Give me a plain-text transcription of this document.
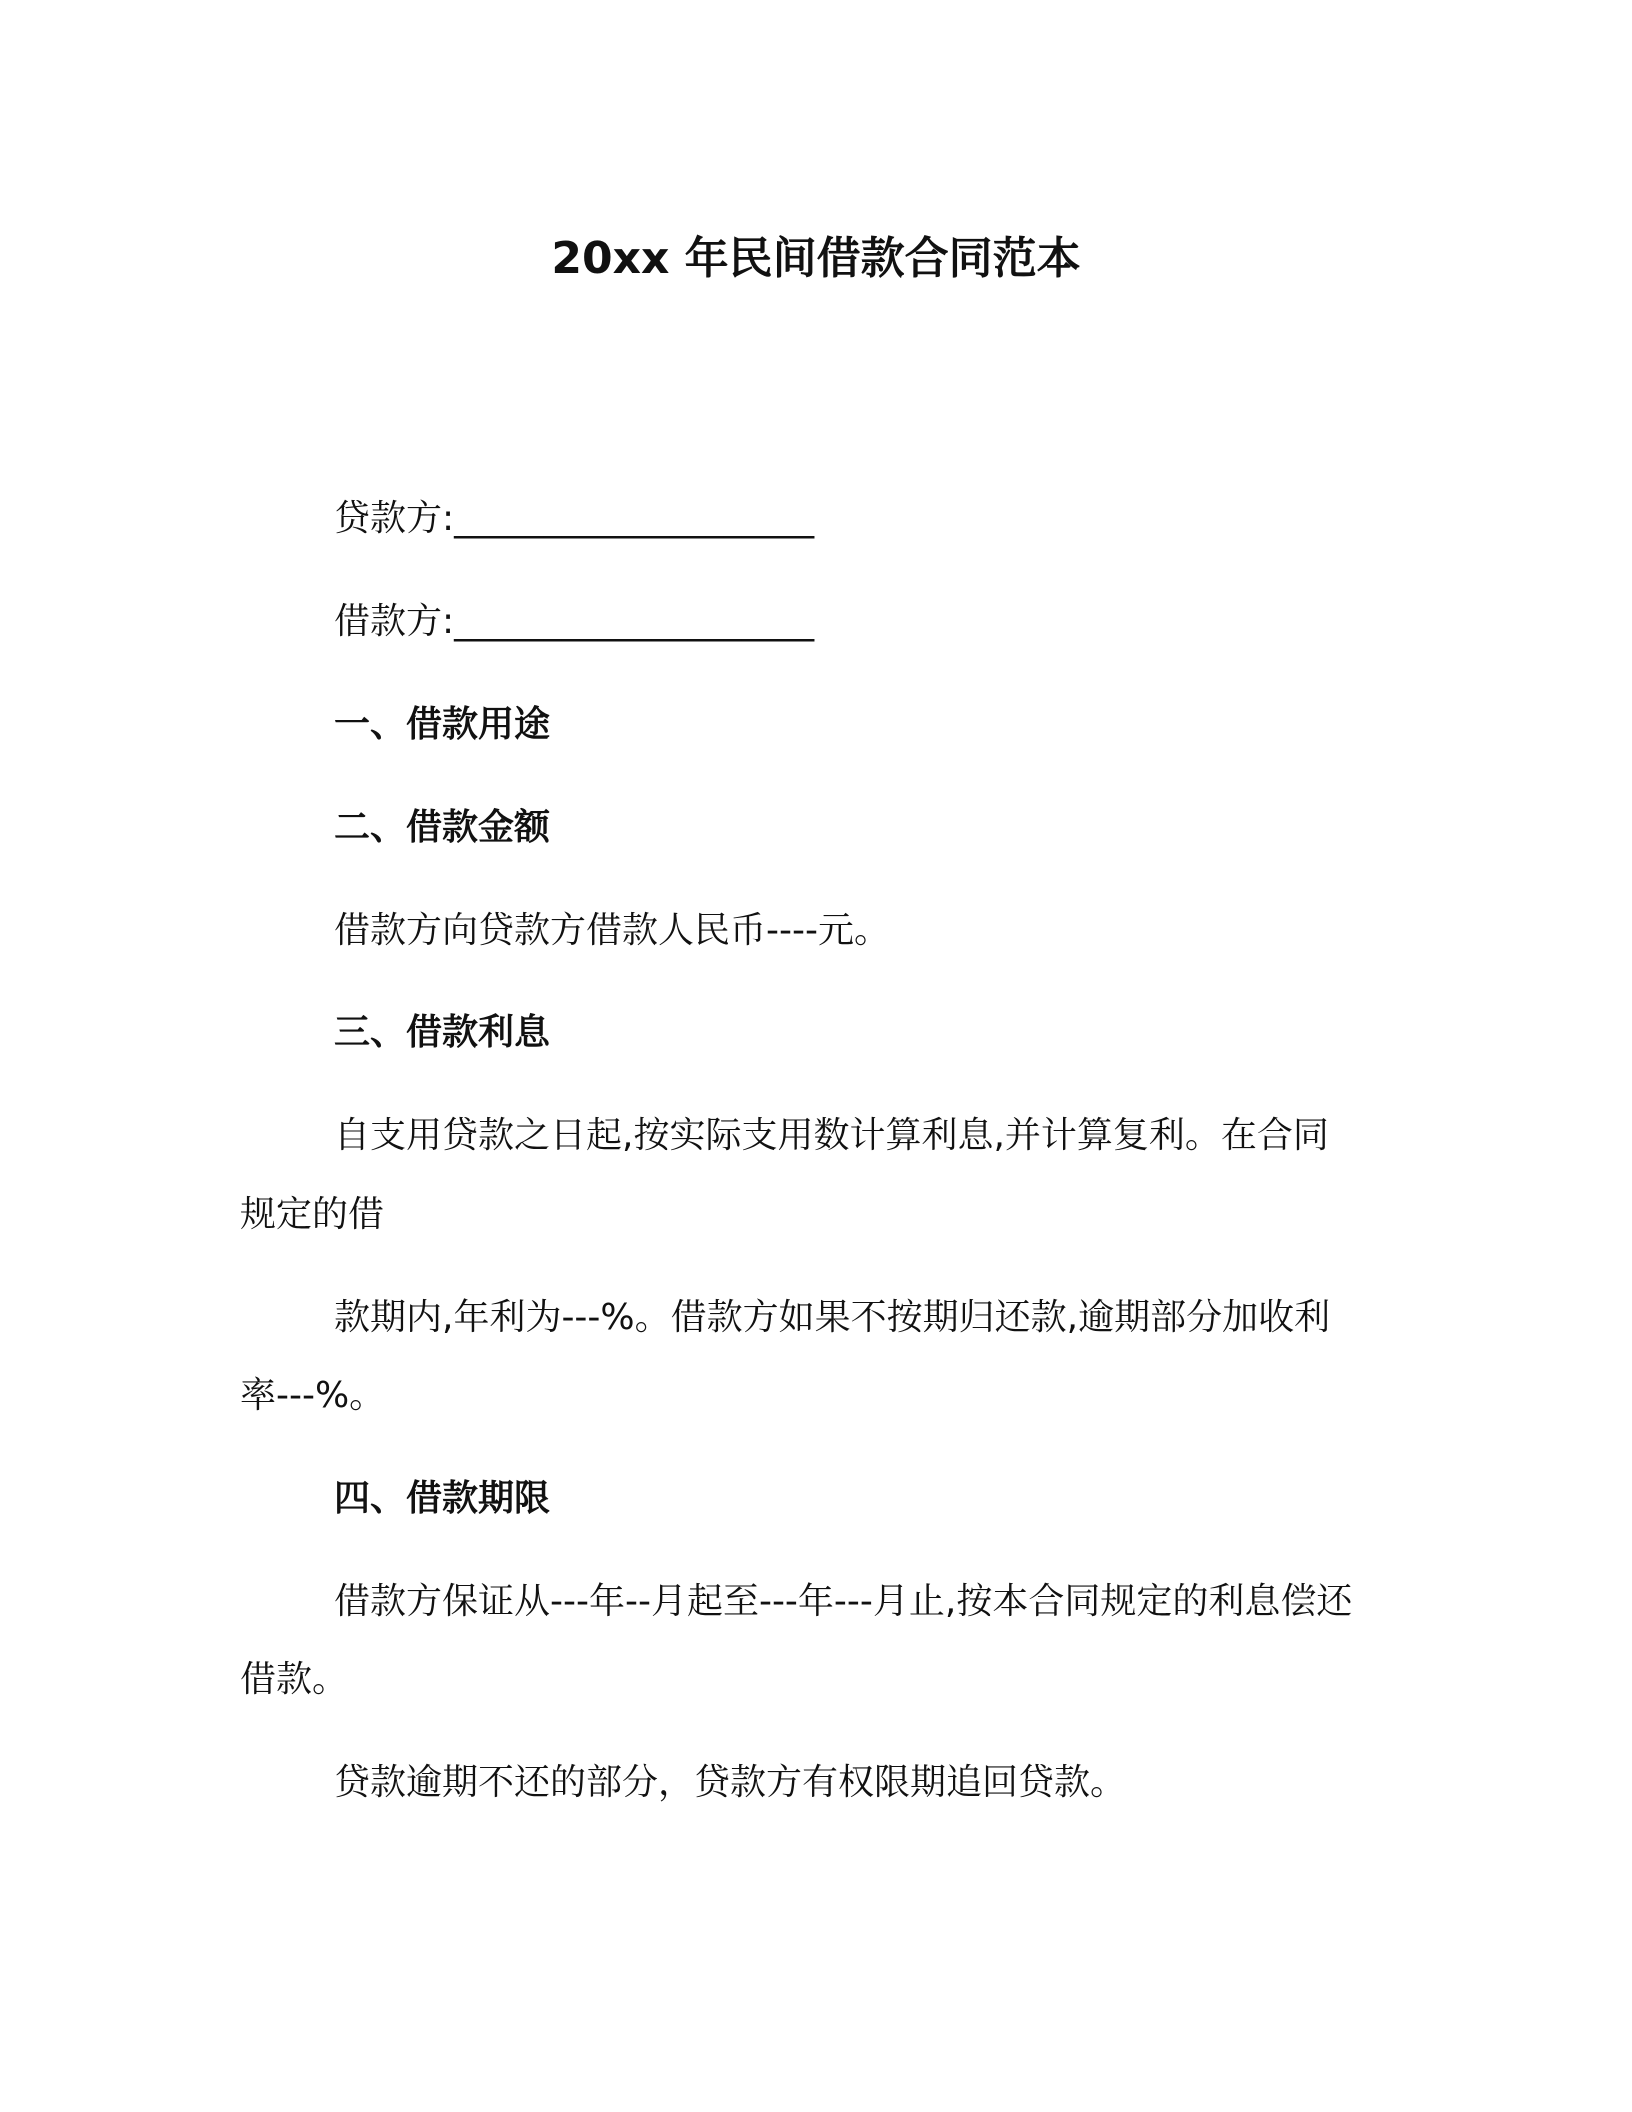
20xx 年民间借款合同范本
贷款方:____________________
借款方:____________________
一、借款用途
二、借款金额
借款方向贷款方借款人民币----元。
三、借款利息
自支用贷款之日起,按实际支用数计算利息,并计算复利。在合同
规定的借
款期内,年利为---%。借款方如果不按期归还款,逾期部分加收利
率---%。
四、借款期限
借款方保证从---年--月起至---年---月止,按本合同规定的利息偿还
借款。
贷款逾期不还的部分，贷款方有权限期追回贷款。
